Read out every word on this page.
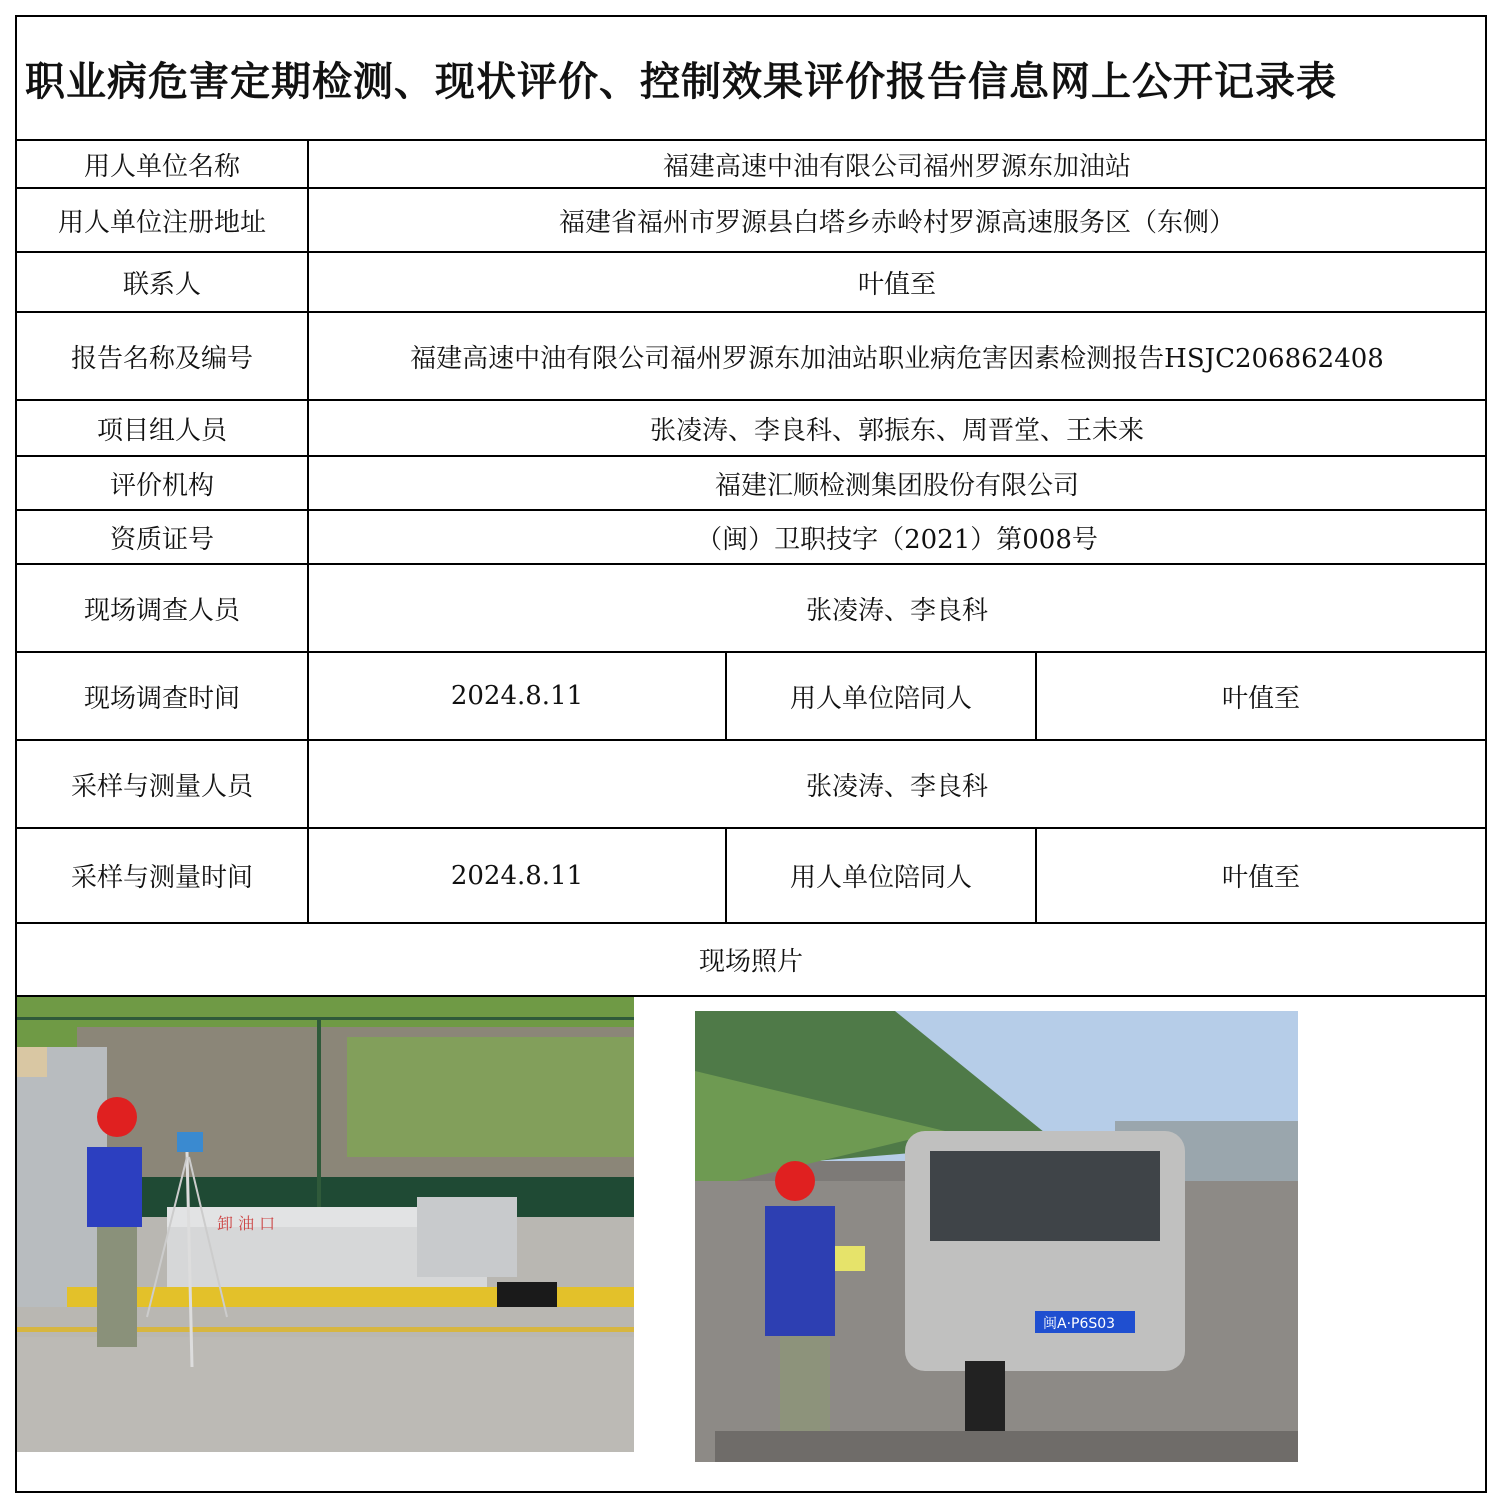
职业病危害定期检测、现状评价、控制效果评价报告信息网上公开记录表
用人单位名称	福建高速中油有限公司福州罗源东加油站
用人单位注册地址	福建省福州市罗源县白塔乡赤岭村罗源高速服务区（东侧）
联系人	叶值至
报告名称及编号	福建高速中油有限公司福州罗源东加油站职业病危害因素检测报告HSJC206862408
项目组人员	张凌涛、李良科、郭振东、周晋堂、王未来
评价机构	福建汇顺检测集团股份有限公司
资质证号	（闽）卫职技字（2021）第008号
现场调查人员	张凌涛、李良科
现场调查时间	2024.8.11	用人单位陪同人	叶值至
采样与测量人员	张凌涛、李良科
采样与测量时间	2024.8.11	用人单位陪同人	叶值至
现场照片
卸 油 口
闽A·P6S03
